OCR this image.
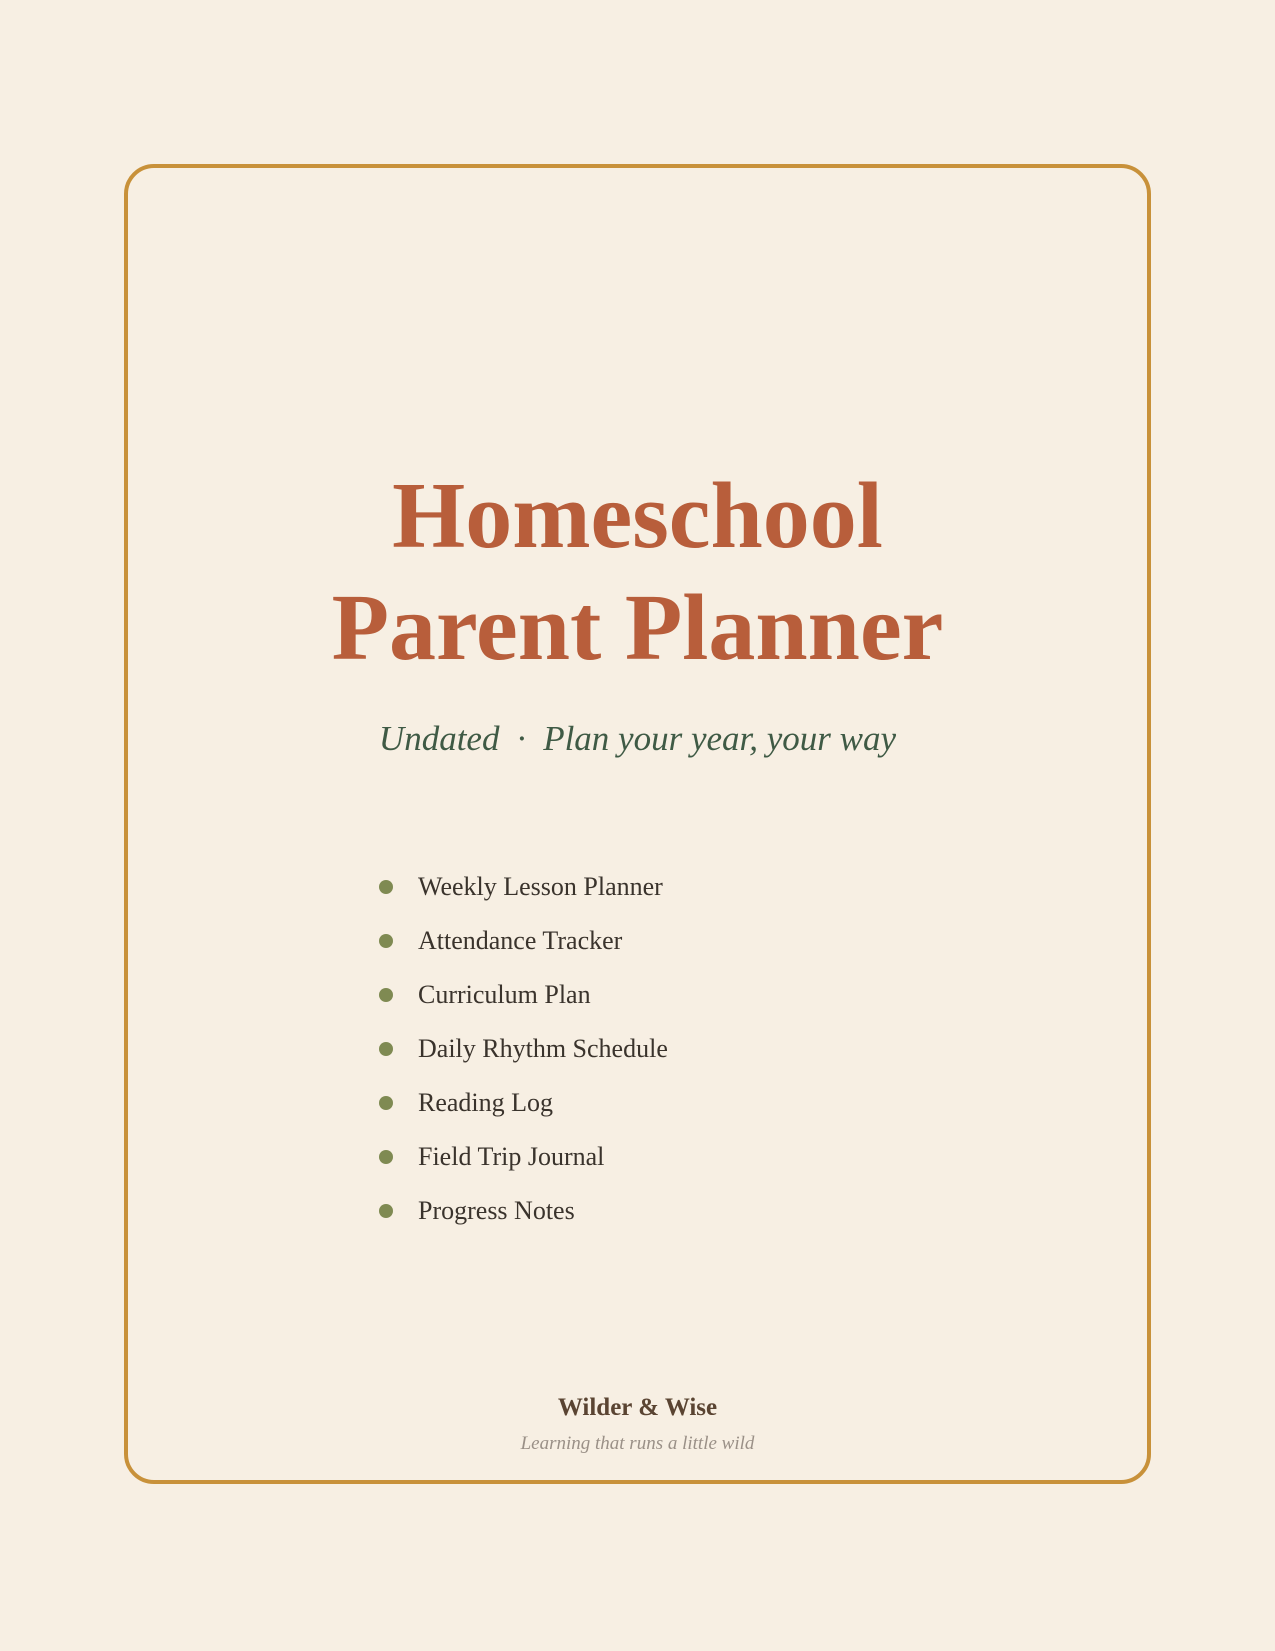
Homeschool
Parent Planner
Undated  ·  Plan your year, your way
Weekly Lesson Planner
Attendance Tracker
Curriculum Plan
Daily Rhythm Schedule
Reading Log
Field Trip Journal
Progress Notes
Wilder & Wise
Learning that runs a little wild
